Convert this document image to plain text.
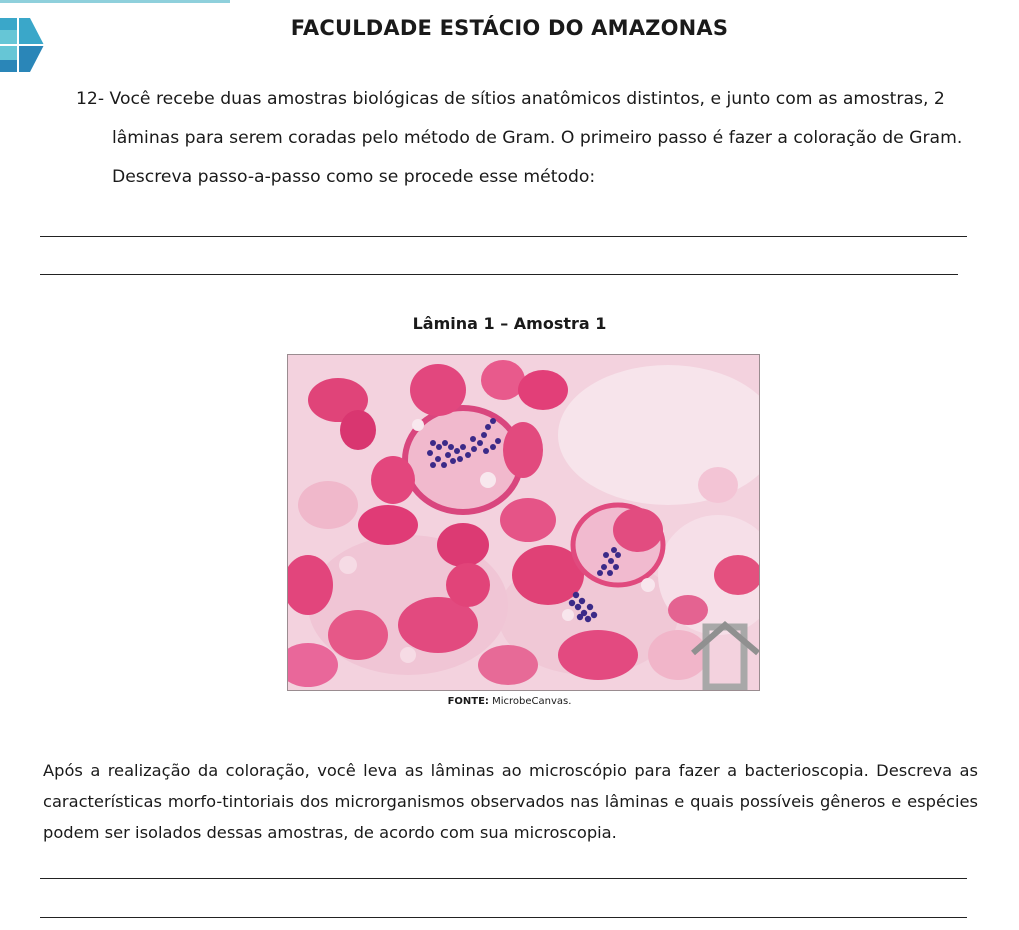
FACULDADE ESTÁCIO DO AMAZONAS
12- Você recebe duas amostras biológicas de sítios anatômicos distintos, e junto com as amostras, 2
lâminas para serem coradas pelo método de Gram. O primeiro passo é fazer a coloração de Gram. Descreva passo-a-passo como se procede esse método:
Lâmina 1 – Amostra 1
FONTE: MicrobeCanvas.
Após a realização da coloração, você leva as lâminas ao microscópio para fazer a bacterioscopia. Descreva as características morfo-tintoriais dos microrganismos observados nas lâminas e quais possíveis gêneros e espécies podem ser isolados dessas amostras, de acordo com sua microscopia.
